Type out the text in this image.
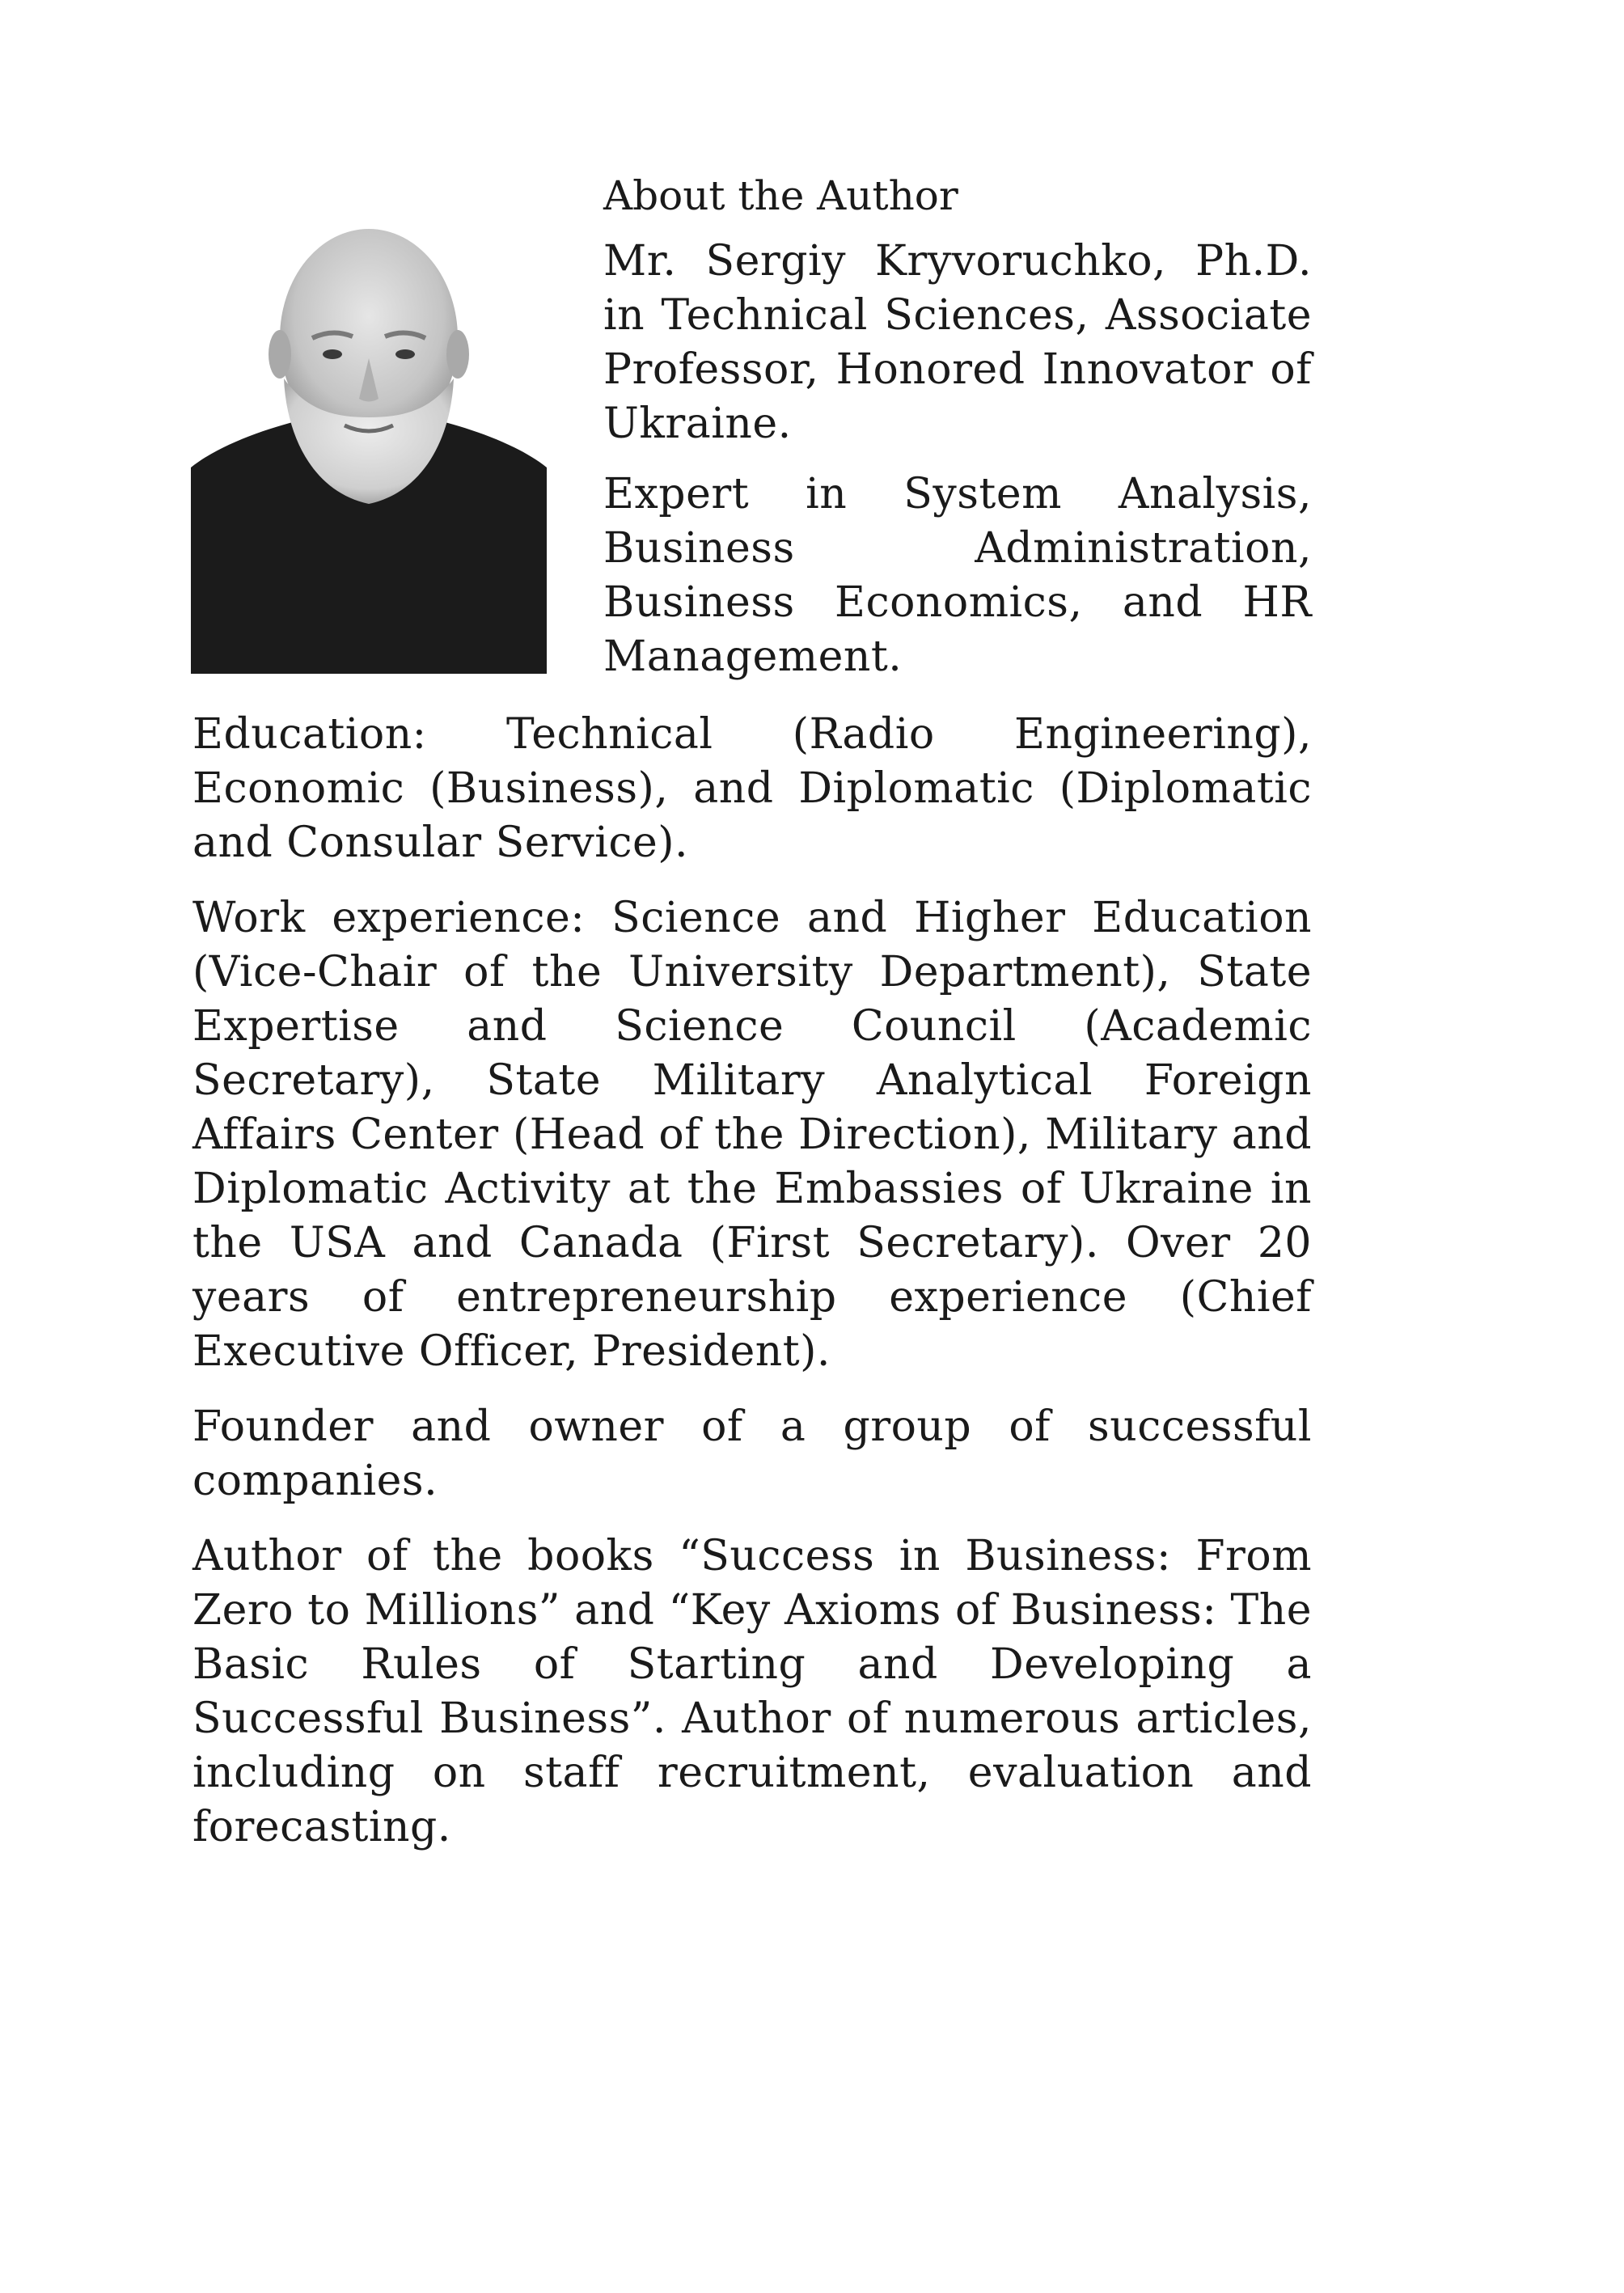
About the Author

Mr. Sergiy Kryvoruchko, Ph.D. in Technical Sciences, Associate Professor, Honored Innovator of Ukraine.

Expert in System Analysis, Business Administration, Business Economics, and HR Management.

Education: Technical (Radio Engineering), Economic (Business), and Diplomatic (Diplomatic and Consular Service).

Work experience: Science and Higher Education (Vice-Chair of the University Department), State Expertise and Science Council (Academic Secretary), State Military Analytical Foreign Affairs Center (Head of the Direction), Military and Diplomatic Activity at the Embassies of Ukraine in the USA and Canada (First Secretary). Over 20 years of entrepreneurship experience (Chief Executive Officer, President).

Founder and owner of a group of successful companies.

Author of the books “Success in Business: From Zero to Millions” and “Key Axioms of Business: The Basic Rules of Starting and Developing a Successful Business”. Author of numerous articles, including on staff recruitment, evaluation and forecasting.
